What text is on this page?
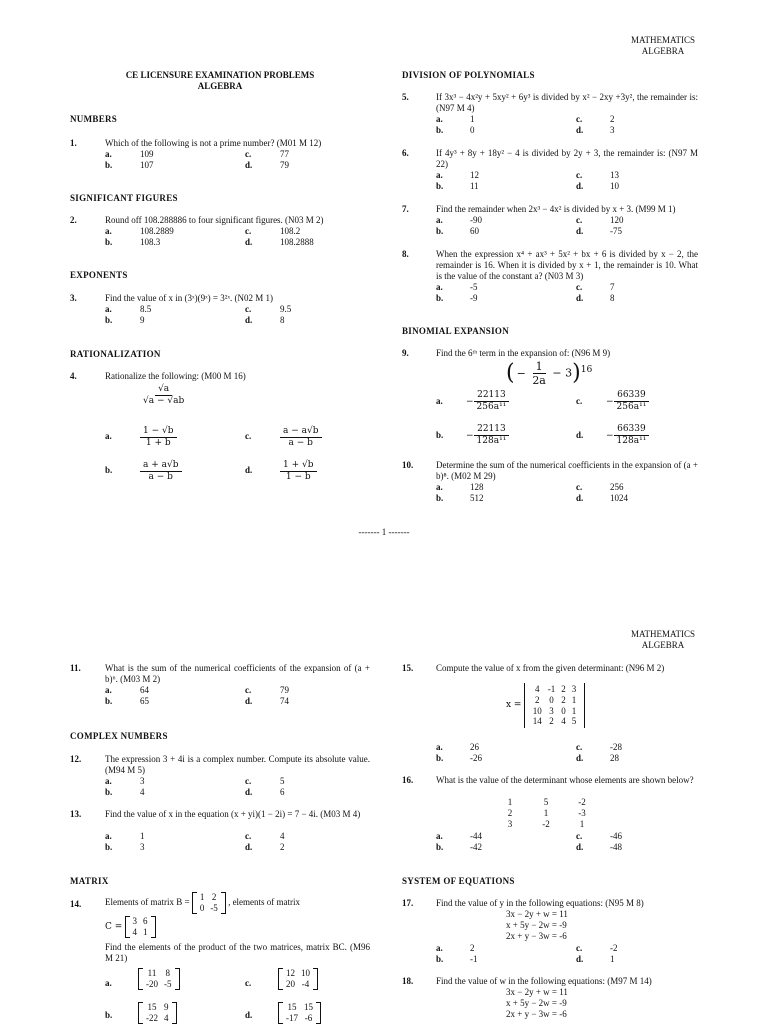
MATHEMATICS
ALGEBRA
CE LICENSURE EXAMINATION PROBLEMS
ALGEBRA
NUMBERS
1.	Which of the following is not a prime number? (M01 M 12)
a.	109	c.	77
b.	107	d.	79
SIGNIFICANT FIGURES
2.	Round off 108.288886 to four significant figures. (N03 M 2)
a.	108.2889	c.	108.2
b.	108.3	d.	108.2888
EXPONENTS
3.	Find the value of x in (3ˣ)(9ˣ) = 3²ˣ. (N02 M 1)
a.	8.5	c.	9.5
b.	9	d.	8
RATIONALIZATION
4.	Rationalize the following: (M00 M 16)
$\frac{√a}{√a - √ab}$
a.	$\frac{1 - √b}{1 + b}$	c.	$\frac{a - a√b}{a - b}$
b.	$\frac{a + a√b}{a - b}$	d.	$\frac{1 + √b}{1 - b}$
DIVISION OF POLYNOMIALS
5.	If 3x³ − 4x²y + 5xy² + 6y³ is divided by x² − 2xy +3y², the remainder is: (N97 M 4)
a.	1	c.	2
b.	0	d.	3
6.	If 4y³ + 8y + 18y² − 4 is divided by 2y + 3, the remainder is: (N97 M 22)
a.	12	c.	13
b.	11	d.	10
7.	Find the remainder when 2x³ − 4x² is divided by x + 3. (M99 M 1)
a.	-90	c.	120
b.	60	d.	-75
8.	When the expression x⁴ + ax³ + 5x² + bx + 6 is divided by x − 2, the remainder is 16. When it is divided by x + 1, the remainder is 10. What is the value of the constant a? (N03 M 3)
a.	-5	c.	7
b.	-9	d.	8
BINOMIAL EXPANSION
9.	Find the 6ᵗʰ term in the expansion of: (N96 M 9)
( − $\frac{1}{2a} - 3)^{16}$
a.	− $\frac{22113}{\text{256a¹¹}}$	c.	− $\frac{66339}{\text{256a¹¹}}$
b.	− $\frac{22113}{\text{128a¹¹}}$	d.	− $\frac{66339}{\text{128a¹¹}}$
10.	Determine the sum of the numerical coefficients in the expansion of (a + b)⁸. (M02 M 29)
a.	128	c.	256
b.	512	d.	1024
------- 1 -------
MATHEMATICS
ALGEBRA
11.	What is the sum of the numerical coefficients of the expansion of (a + b)⁶. (M03 M 2)
a.	64	c.	79
b.	65	d.	74
COMPLEX NUMBERS
12.	The expression 3 + 4i is a complex number. Compute its absolute value. (M94 M 5)
a.	3	c.	5
b.	4	d.	6
13.	Find the value of x in the equation (x + yi)(1 − 2i) = 7 − 4i. (M03 M 4)
a.	1	c.	4
b.	3	d.	2
MATRIX
14.	Elements of matrix B = 1	2
0	-5
, elements of matrix
C =
3	6
4	1
Find the elements of the product of the two matrices, matrix BC. (M96 M 21)
a.
11	8
-20	-5	c.
12	10
20	-4
b.
15	9
-22	4	d.
15	15
-17	-6
15.	Compute the value of x from the given determinant: (N96 M 2)
x =
4	-1	2	3
2	0	2	1
10	3	0	1
14	2	4	5
a.	26	c.	-28
b.	-26	d.	28
16.	What is the value of the determinant whose elements are shown below?
1	5	-2
2	1	-3
3	-2	1
a.	-44	c.	-46
b.	-42	d.	-48
SYSTEM OF EQUATIONS
17.	Find the value of y in the following equations: (N95 M 8)
3x − 2y + w = 11
x + 5y − 2w = -9
2x + y − 3w = -6
a.	2	c.	-2
b.	-1	d.	1
18.	Find the value of w in the following equations: (M97 M 14)
3x − 2y + w = 11
x + 5y − 2w = -9
2x + y − 3w = -6
